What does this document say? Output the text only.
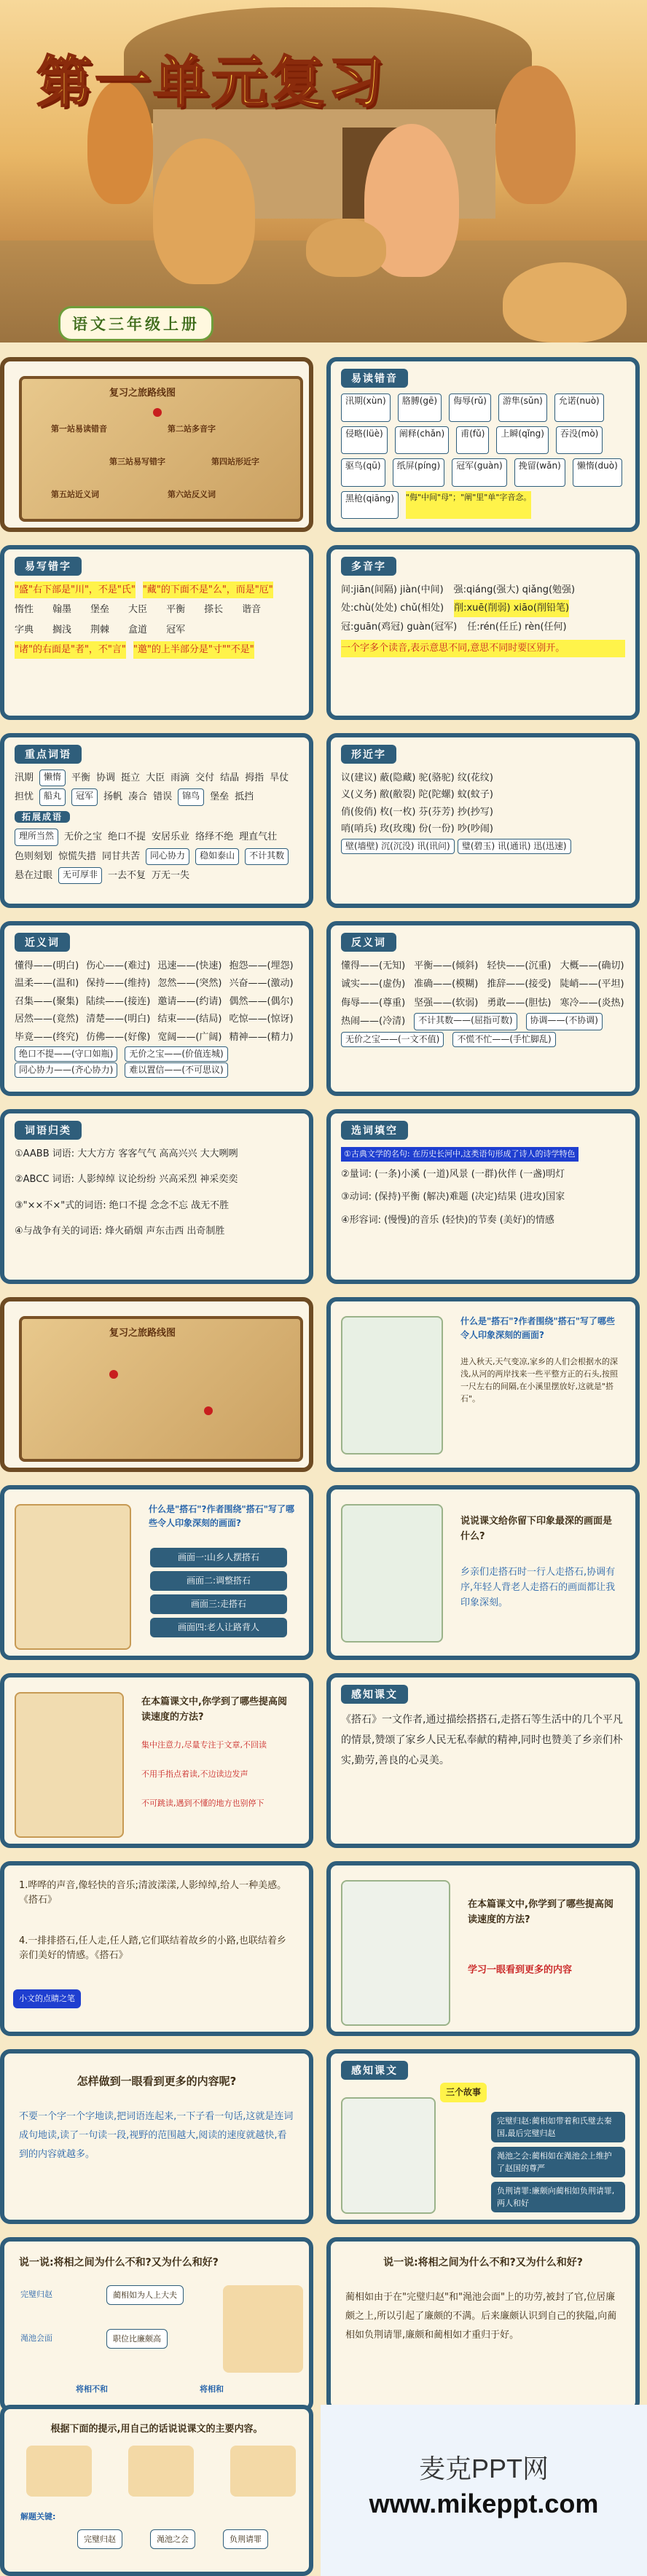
第一单元复习
语文三年级上册
复习之旅路线图
第一站易读错音	第二站多音字
第三站易写错字	第四站形近字
第五站近义词	第六站反义词
易读错音
汛期(xùn)	胳膊(gē)	侮辱(rǔ)	游隼(sǔn)	允诺(nuò)
侵略(lüè)	阐释(chǎn)	甫(fǔ)	上瞬(qǐng)	吞没(mò)
驱鸟(qū)	纸屏(píng)	冠军(guàn)	挽留(wǎn)	懒惰(duò)
黑枪(qiāng)	"侮"中间"母"；"阐"里"单"字音念。
易写错字
"盛"右下部是"川"，不是"氏" "藏"的下面不是"么"，而是"厄"
惰性 翰墨 堡垒 大臣 平衡 搽长 谐音
字典 搁浅 荆棘 盒道 冠军
"诸"的右面是"者"，不"言" "邀"的上半部分是"寸""不是"
多音字
间:jiān(间隔) jiàn(中间) 强:qiáng(强大) qiǎng(勉强)
处:chù(处处) chǔ(相处) 削:xuē(削弱) xiāo(削铅笔)
冠:guān(鸡冠) guàn(冠军) 任:rén(任丘) rèn(任何)
一个字多个读音,表示意思不同,意思不同时要区别开。
重点词语
汛期	懒惰	平衡 协调 挺立 大臣 雨滴 交付 结晶 拇指 旱仗
担忧	船丸	冠军	扬帆 凑合 错误	锦鸟	堡垒 抵挡
拓展成语
理所当然	无价之宝 绝口不提 安居乐业 络绎不绝 理直气壮
色则刻划 惊慌失措 同甘共苦	同心协力	稳如泰山	不计其数
悬在过眼	无可厚非	一去不复 万无一失
形近字
议(建议) 蔽(隐藏) 驼(骆驼) 纹(花纹)
义(义务) 敝(敝裂) 陀(陀螺) 蚊(蚊子)
俏(俊俏) 枚(一枚) 芬(芬芳) 抄(抄写)
哨(哨兵) 玫(玫瑰) 份(一份) 吵(吵闹)
壁(墙壁) 沉(沉没) 讯(讯问) 璧(碧玉) 讯(通讯) 迅(迅速)
近义词
懂得——(明白) 伤心——(难过) 迅速——(快速) 抱怨——(埋怨)
温柔——(温和) 保持——(维持) 忽然——(突然) 兴奋——(激动)
召集——(聚集) 陆续——(接连) 邀请——(约请) 偶然——(偶尔)
居然——(竟然) 清楚——(明白) 结束——(结局) 吃惊——(惊讶)
毕竟——(终究) 仿佛——(好像) 宽阔——(广阔) 精神——(精力)
绝口不提——(守口如瓶)	无价之宝——(价值连城)
同心协力——(齐心协力)	难以置信——(不可思议)
反义词
懂得——(无知) 平衡——(倾斜) 轻快——(沉重) 大概——(确切)
诚实——(虚伪) 准确——(模糊) 推辞——(接受) 陡峭——(平坦)
侮辱——(尊重) 坚强——(软弱) 勇敢——(胆怯) 寒冷——(炎热)
热闹——(冷清)	不计其数——(屈指可数)	协调——(不协调)
无价之宝——(一文不值)	不慌不忙——(手忙脚乱)
词语归类
①AABB 词语: 大大方方 客客气气 高高兴兴 大大咧咧
②ABCC 词语: 人影绰绰 议论纷纷 兴高采烈 神采奕奕
③"××不×"式的词语: 绝口不提 念念不忘 战无不胜
④与战争有关的词语: 烽火硝烟 声东击西 出奇制胜
选词填空
①古典文学的名句: 在历史长河中,这类语句形成了诗人的诗学特色
②量词: (一条)小溪 (一道)风景 (一群)伙伴 (一盏)明灯
③动词: (保持)平衡 (解决)难题 (决定)结果 (进攻)国家
④形容词: (慢慢)的音乐 (轻快)的节奏 (美好)的情感
复习之旅路线图
什么是"搭石"?作者围绕"搭石"写了哪些令人印象深刻的画面?
进入秋天,天气变凉,家乡的人们会根据水的深浅,从河的两岸找来一些平整方正的石头,按照一尺左右的间隔,在小溪里摆放好,这就是"搭石"。
什么是"搭石"?作者围绕"搭石"写了哪些令人印象深刻的画面?
画面一:山乡人摆搭石
画面二:调整搭石
画面三:走搭石
画面四:老人让路背人
说说课文给你留下印象最深的画面是什么?
乡亲们走搭石时一行人走搭石,协调有序,年轻人背老人走搭石的画面都让我印象深刻。
在本篇课文中,你学到了哪些提高阅读速度的方法?
集中注意力,尽量专注于文章,不回读
不用手指点着读,不边读边发声
不可跳读,遇到不懂的地方也别停下
感知课文
《搭石》一文作者,通过描绘搭搭石,走搭石等生活中的几个平凡的情景,赞颂了家乡人民无私奉献的精神,同时也赞美了乡亲们朴实,勤劳,善良的心灵美。
1.哗哗的声音,像轻快的音乐;清波漾漾,人影绰绰,给人一种美感。《搭石》
4.一排排搭石,任人走,任人踏,它们联结着故乡的小路,也联结着乡亲们美好的情感。《搭石》
小文的点睛之笔
在本篇课文中,你学到了哪些提高阅读速度的方法?
学习一眼看到更多的内容
怎样做到一眼看到更多的内容呢?
不要一个字一个字地读,把词语连起来,一下子看一句话,这就是连词成句地读,读了一句读一段,视野的范围越大,阅读的速度就越快,看到的内容就越多。
感知课文
三个故事
完璧归赵:蔺相如带着和氏璧去秦国,最后完璧归赵
渑池之会:蔺相如在渑池会上维护了赵国的尊严
负荆请罪:廉颇向蔺相如负荆请罪,两人和好
说一说:将相之间为什么不和?又为什么和好?
完璧归赵
渑池会面
蔺相如为人上大夫
职位比廉颇高
将相不和	将相和
说一说:将相之间为什么不和?又为什么和好?
蔺相如由于在"完璧归赵"和"渑池会面"上的功劳,被封了官,位居廉颇之上,所以引起了廉颇的不满。后来廉颇认识到自己的狭隘,向蔺相如负荆请罪,廉颇和蔺相如才重归于好。
根据下面的提示,用自己的话说说课文的主要内容。
解题关键:
完璧归赵	渑池之会	负荆请罪
麦克PPT网
www.mikeppt.com
